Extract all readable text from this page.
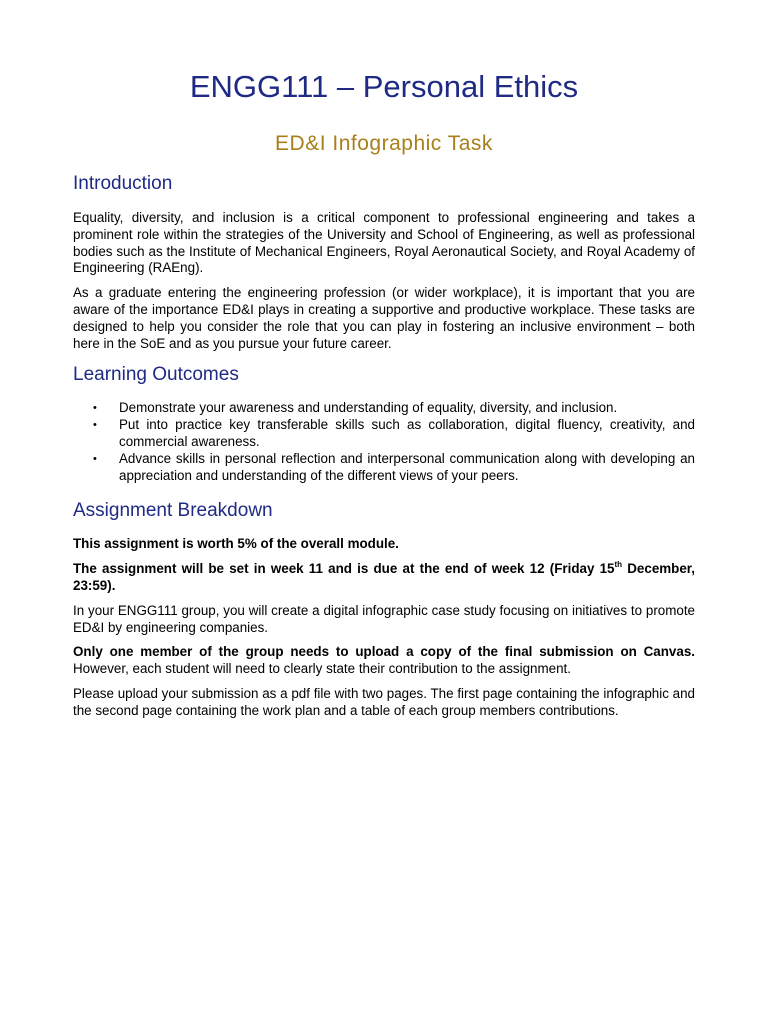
ENGG111 – Personal Ethics
ED&I Infographic Task
Introduction

Equality, diversity, and inclusion is a critical component to professional engineering and takes a prominent role within the strategies of the University and School of Engineering, as well as professional bodies such as the Institute of Mechanical Engineers, Royal Aeronautical Society, and Royal Academy of Engineering (RAEng).

As a graduate entering the engineering profession (or wider workplace), it is important that you are aware of the importance ED&I plays in creating a supportive and productive workplace. These tasks are designed to help you consider the role that you can play in fostering an inclusive environment – both here in the SoE and as you pursue your future career.

Learning Outcomes
• Demonstrate your awareness and understanding of equality, diversity, and inclusion.
• Put into practice key transferable skills such as collaboration, digital fluency, creativity, and commercial awareness.
• Advance skills in personal reflection and interpersonal communication along with developing an appreciation and understanding of the different views of your peers.
Assignment Breakdown

This assignment is worth 5% of the overall module.

The assignment will be set in week 11 and is due at the end of week 12 (Friday 15th December, 23:59).

In your ENGG111 group, you will create a digital infographic case study focusing on initiatives to promote ED&I by engineering companies.

Only one member of the group needs to upload a copy of the final submission on Canvas. However, each student will need to clearly state their contribution to the assignment.

Please upload your submission as a pdf file with two pages. The first page containing the infographic and the second page containing the work plan and a table of each group members contributions.
